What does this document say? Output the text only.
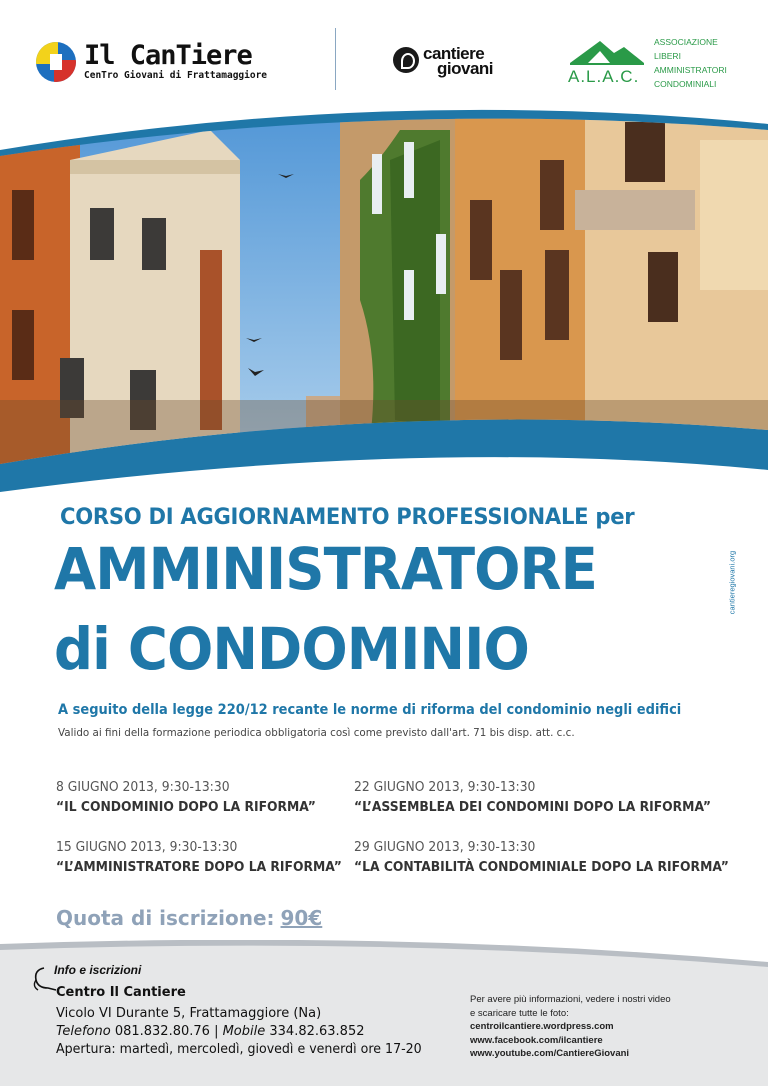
Il CanTiere
CenTro Giovani di Frattamaggiore
cantiere
giovani	A.L.A.C.
ASSOCIAZIONE
LIBERI
AMMINISTRATORI
CONDOMINIALI
CORSO DI AGGIORNAMENTO PROFESSIONALE per
AMMINISTRATORE
di CONDOMINIO
A seguito della legge 220/12 recante le norme di riforma del condominio negli edifici
Valido ai fini della formazione periodica obbligatoria così come previsto dall'art. 71 bis disp. att. c.c.
cantieregiovani.org
8 GIUGNO 2013, 9:30-13:30
“IL CONDOMINIO DOPO LA RIFORMA”
22 GIUGNO 2013, 9:30-13:30
“L’ASSEMBLEA DEI CONDOMINI DOPO LA RIFORMA”
15 GIUGNO 2013, 9:30-13:30
“L’AMMINISTRATORE DOPO LA RIFORMA”
29 GIUGNO 2013, 9:30-13:30
“LA CONTABILITÀ CONDOMINIALE DOPO LA RIFORMA”
Quota di iscrizione: 90€
Info e iscrizioni
Centro Il Cantiere
Vicolo VI Durante 5, Frattamaggiore (Na)
Telefono 081.832.80.76 | Mobile 334.82.63.852
Apertura: martedì, mercoledì, giovedì e venerdì ore 17-20
Per avere più informazioni, vedere i nostri video
e scaricare tutte le foto:
centroilcantiere.wordpress.com
www.facebook.com/ilcantiere
www.youtube.com/CantiereGiovani
